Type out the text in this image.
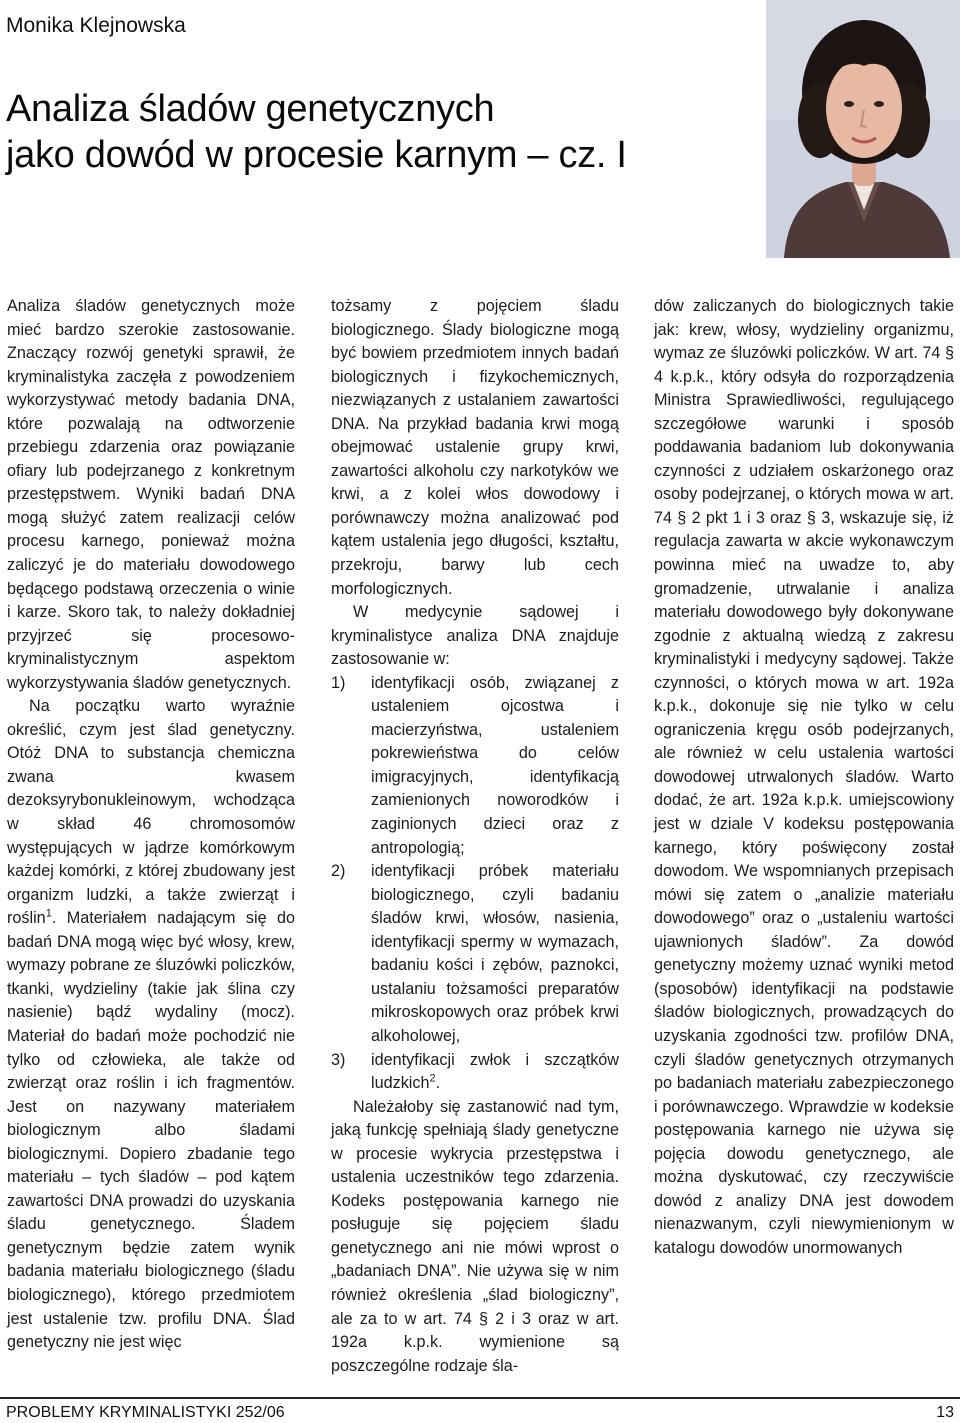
Monika Klejnowska
Analiza śladów genetycznych
jako dowód w procesie karnym – cz. I

Analiza śladów genetycznych może mieć bardzo szerokie zastosowanie. Znaczący rozwój genetyki sprawił, że kryminalistyka zaczęła z powodzeniem wykorzystywać metody badania DNA, które pozwalają na odtworzenie przebiegu zdarzenia oraz powiązanie ofiary lub podejrzanego z konkretnym przestępstwem. Wyniki badań DNA mogą służyć zatem realizacji celów procesu karnego, ponieważ można zaliczyć je do materiału dowodowego będącego podstawą orzeczenia o winie i karze. Skoro tak, to należy dokładniej przyjrzeć się procesowo-kryminalistycznym aspektom wykorzystywania śladów genetycznych.

Na początku warto wyraźnie określić, czym jest ślad genetyczny. Otóż DNA to substancja chemiczna zwana kwasem dezoksyrybonukleinowym, wchodząca w skład 46 chromosomów występujących w jądrze komórkowym każdej komórki, z której zbudowany jest organizm ludzki, a także zwierząt i roślin$^1$. Materiałem nadającym się do badań DNA mogą więc być włosy, krew, wymazy pobrane ze śluzówki policzków, tkanki, wydzieliny (takie jak ślina czy nasienie) bądź wydaliny (mocz). Materiał do badań może pochodzić nie tylko od człowieka, ale także od zwierząt oraz roślin i ich fragmentów. Jest on nazywany materiałem biologicznym albo śladami biologicznymi. Dopiero zbadanie tego materiału – tych śladów – pod kątem zawartości DNA prowadzi do uzyskania śladu genetycznego. Śladem genetycznym będzie zatem wynik badania materiału biologicznego (śladu biologicznego), którego przedmiotem jest ustalenie tzw. profilu DNA. Ślad genetyczny nie jest więc

tożsamy z pojęciem śladu biologicznego. Ślady biologiczne mogą być bowiem przedmiotem innych badań biologicznych i fizykochemicznych, niezwiązanych z ustalaniem zawartości DNA. Na przykład badania krwi mogą obejmować ustalenie grupy krwi, zawartości alkoholu czy narkotyków we krwi, a z kolei włos dowodowy i porównawczy można analizować pod kątem ustalenia jego długości, kształtu, przekroju, barwy lub cech morfologicznych.

W medycynie sądowej i kryminalistyce analiza DNA znajduje zastosowanie w:

1)	identyfikacji osób, związanej z ustaleniem ojcostwa i macierzyństwa, ustaleniem pokrewieństwa do celów imigracyjnych, identyfikacją zamienionych noworodków i zaginionych dzieci oraz z antropologią;
2)	identyfikacji próbek materiału biologicznego, czyli badaniu śladów krwi, włosów, nasienia, identyfikacji spermy w wymazach, badaniu kości i zębów, paznokci, ustalaniu tożsamości preparatów mikroskopowych oraz próbek krwi alkoholowej,
3)	identyfikacji zwłok i szczątków ludzkich$^2$.

Należałoby się zastanowić nad tym, jaką funkcję spełniają ślady genetyczne w procesie wykrycia przestępstwa i ustalenia uczestników tego zdarzenia. Kodeks postępowania karnego nie posługuje się pojęciem śladu genetycznego ani nie mówi wprost o „badaniach DNA”. Nie używa się w nim również określenia „ślad biologiczny”, ale za to w art. 74 § 2 i 3 oraz w art. 192a k.p.k. wymienione są poszczególne rodzaje śla-

dów zaliczanych do biologicznych takie jak: krew, włosy, wydzieliny organizmu, wymaz ze śluzówki policzków. W art. 74 § 4 k.p.k., który odsyła do rozporządzenia Ministra Sprawiedliwości, regulującego szczegółowe warunki i sposób poddawania badaniom lub dokonywania czynności z udziałem oskarżonego oraz osoby podejrzanej, o których mowa w art. 74 § 2 pkt 1 i 3 oraz § 3, wskazuje się, iż regulacja zawarta w akcie wykonawczym powinna mieć na uwadze to, aby gromadzenie, utrwalanie i analiza materiału dowodowego były dokonywane zgodnie z aktualną wiedzą z zakresu kryminalistyki i medycyny sądowej. Także czynności, o których mowa w art. 192a k.p.k., dokonuje się nie tylko w celu ograniczenia kręgu osób podejrzanych, ale również w celu ustalenia wartości dowodowej utrwalonych śladów. Warto dodać, że art. 192a k.p.k. umiejscowiony jest w dziale V kodeksu postępowania karnego, który poświęcony został dowodom. We wspomnianych przepisach mówi się zatem o „analizie materiału dowodowego” oraz o „ustaleniu wartości ujawnionych śladów”. Za dowód genetyczny możemy uznać wyniki metod (sposobów) identyfikacji na podstawie śladów biologicznych, prowadzących do uzyskania zgodności tzw. profilów DNA, czyli śladów genetycznych otrzymanych po badaniach materiału zabezpieczonego i porównawczego. Wprawdzie w kodeksie postępowania karnego nie używa się pojęcia dowodu genetycznego, ale można dyskutować, czy rzeczywiście dowód z analizy DNA jest dowodem nienazwanym, czyli niewymienionym w katalogu dowodów unormowanych

PROBLEMY KRYMINALISTYKI 252/06	13
